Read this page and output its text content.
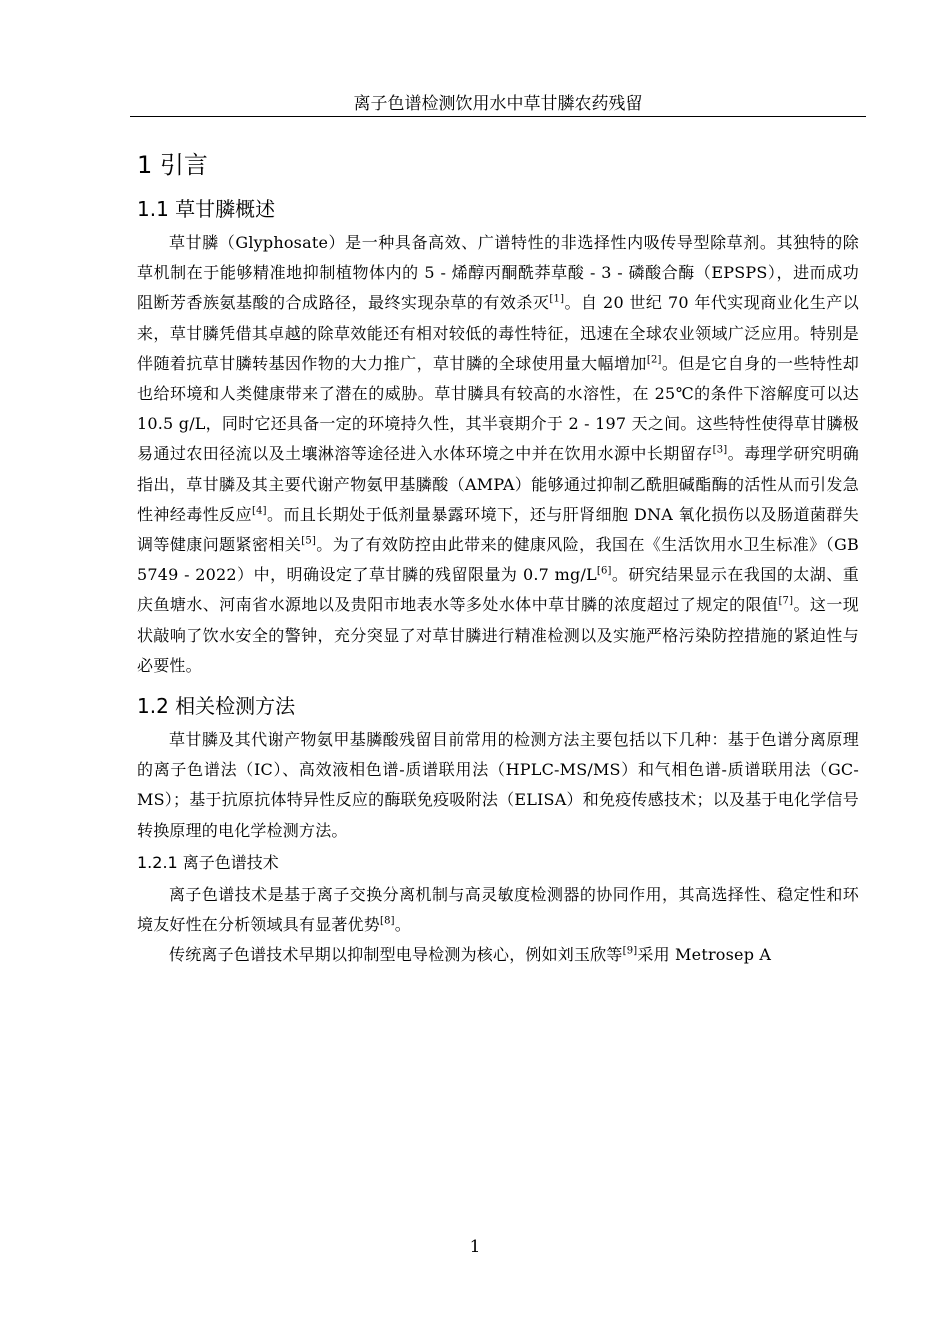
离子色谱检测饮用水中草甘膦农药残留
1 引言
1.1 草甘膦概述

草甘膦（Glyphosate）是一种具备高效、广谱特性的非选择性内吸传导型除草剂。其独特的除草机制在于能够精准地抑制植物体内的 5 - 烯醇丙酮酰莽草酸 - 3 - 磷酸合酶（EPSPS），进而成功阻断芳香族氨基酸的合成路径，最终实现杂草的有效杀灭[1]。自 20 世纪 70 年代实现商业化生产以来，草甘膦凭借其卓越的除草效能还有相对较低的毒性特征，迅速在全球农业领域广泛应用。特别是伴随着抗草甘膦转基因作物的大力推广，草甘膦的全球使用量大幅增加[2]。但是它自身的一些特性却也给环境和人类健康带来了潜在的威胁。草甘膦具有较高的水溶性，在 25℃的条件下溶解度可以达 10.5 g/L，同时它还具备一定的环境持久性，其半衰期介于 2 - 197 天之间。这些特性使得草甘膦极易通过农田径流以及土壤淋溶等途径进入水体环境之中并在饮用水源中长期留存[3]。毒理学研究明确指出，草甘膦及其主要代谢产物氨甲基膦酸（AMPA）能够通过抑制乙酰胆碱酯酶的活性从而引发急性神经毒性反应[4]。而且长期处于低剂量暴露环境下，还与肝肾细胞 DNA 氧化损伤以及肠道菌群失调等健康问题紧密相关[5]。为了有效防控由此带来的健康风险，我国在《生活饮用水卫生标准》（GB 5749 - 2022）中，明确设定了草甘膦的残留限量为 0.7 mg/L[6]。研究结果显示在我国的太湖、重庆鱼塘水、河南省水源地以及贵阳市地表水等多处水体中草甘膦的浓度超过了规定的限值[7]。这一现状敲响了饮水安全的警钟，充分突显了对草甘膦进行精准检测以及实施严格污染防控措施的紧迫性与必要性。

1.2 相关检测方法

草甘膦及其代谢产物氨甲基膦酸残留目前常用的检测方法主要包括以下几种：基于色谱分离原理的离子色谱法（IC）、高效液相色谱-质谱联用法（HPLC-MS/MS）和气相色谱-质谱联用法（GC-MS）；基于抗原抗体特异性反应的酶联免疫吸附法（ELISA）和免疫传感技术；以及基于电化学信号转换原理的电化学检测方法。

1.2.1 离子色谱技术

离子色谱技术是基于离子交换分离机制与高灵敏度检测器的协同作用，其高选择性、稳定性和环境友好性在分析领域具有显著优势[8]。

传统离子色谱技术早期以抑制型电导检测为核心，例如刘玉欣等[9]采用 Metrosep A

1
